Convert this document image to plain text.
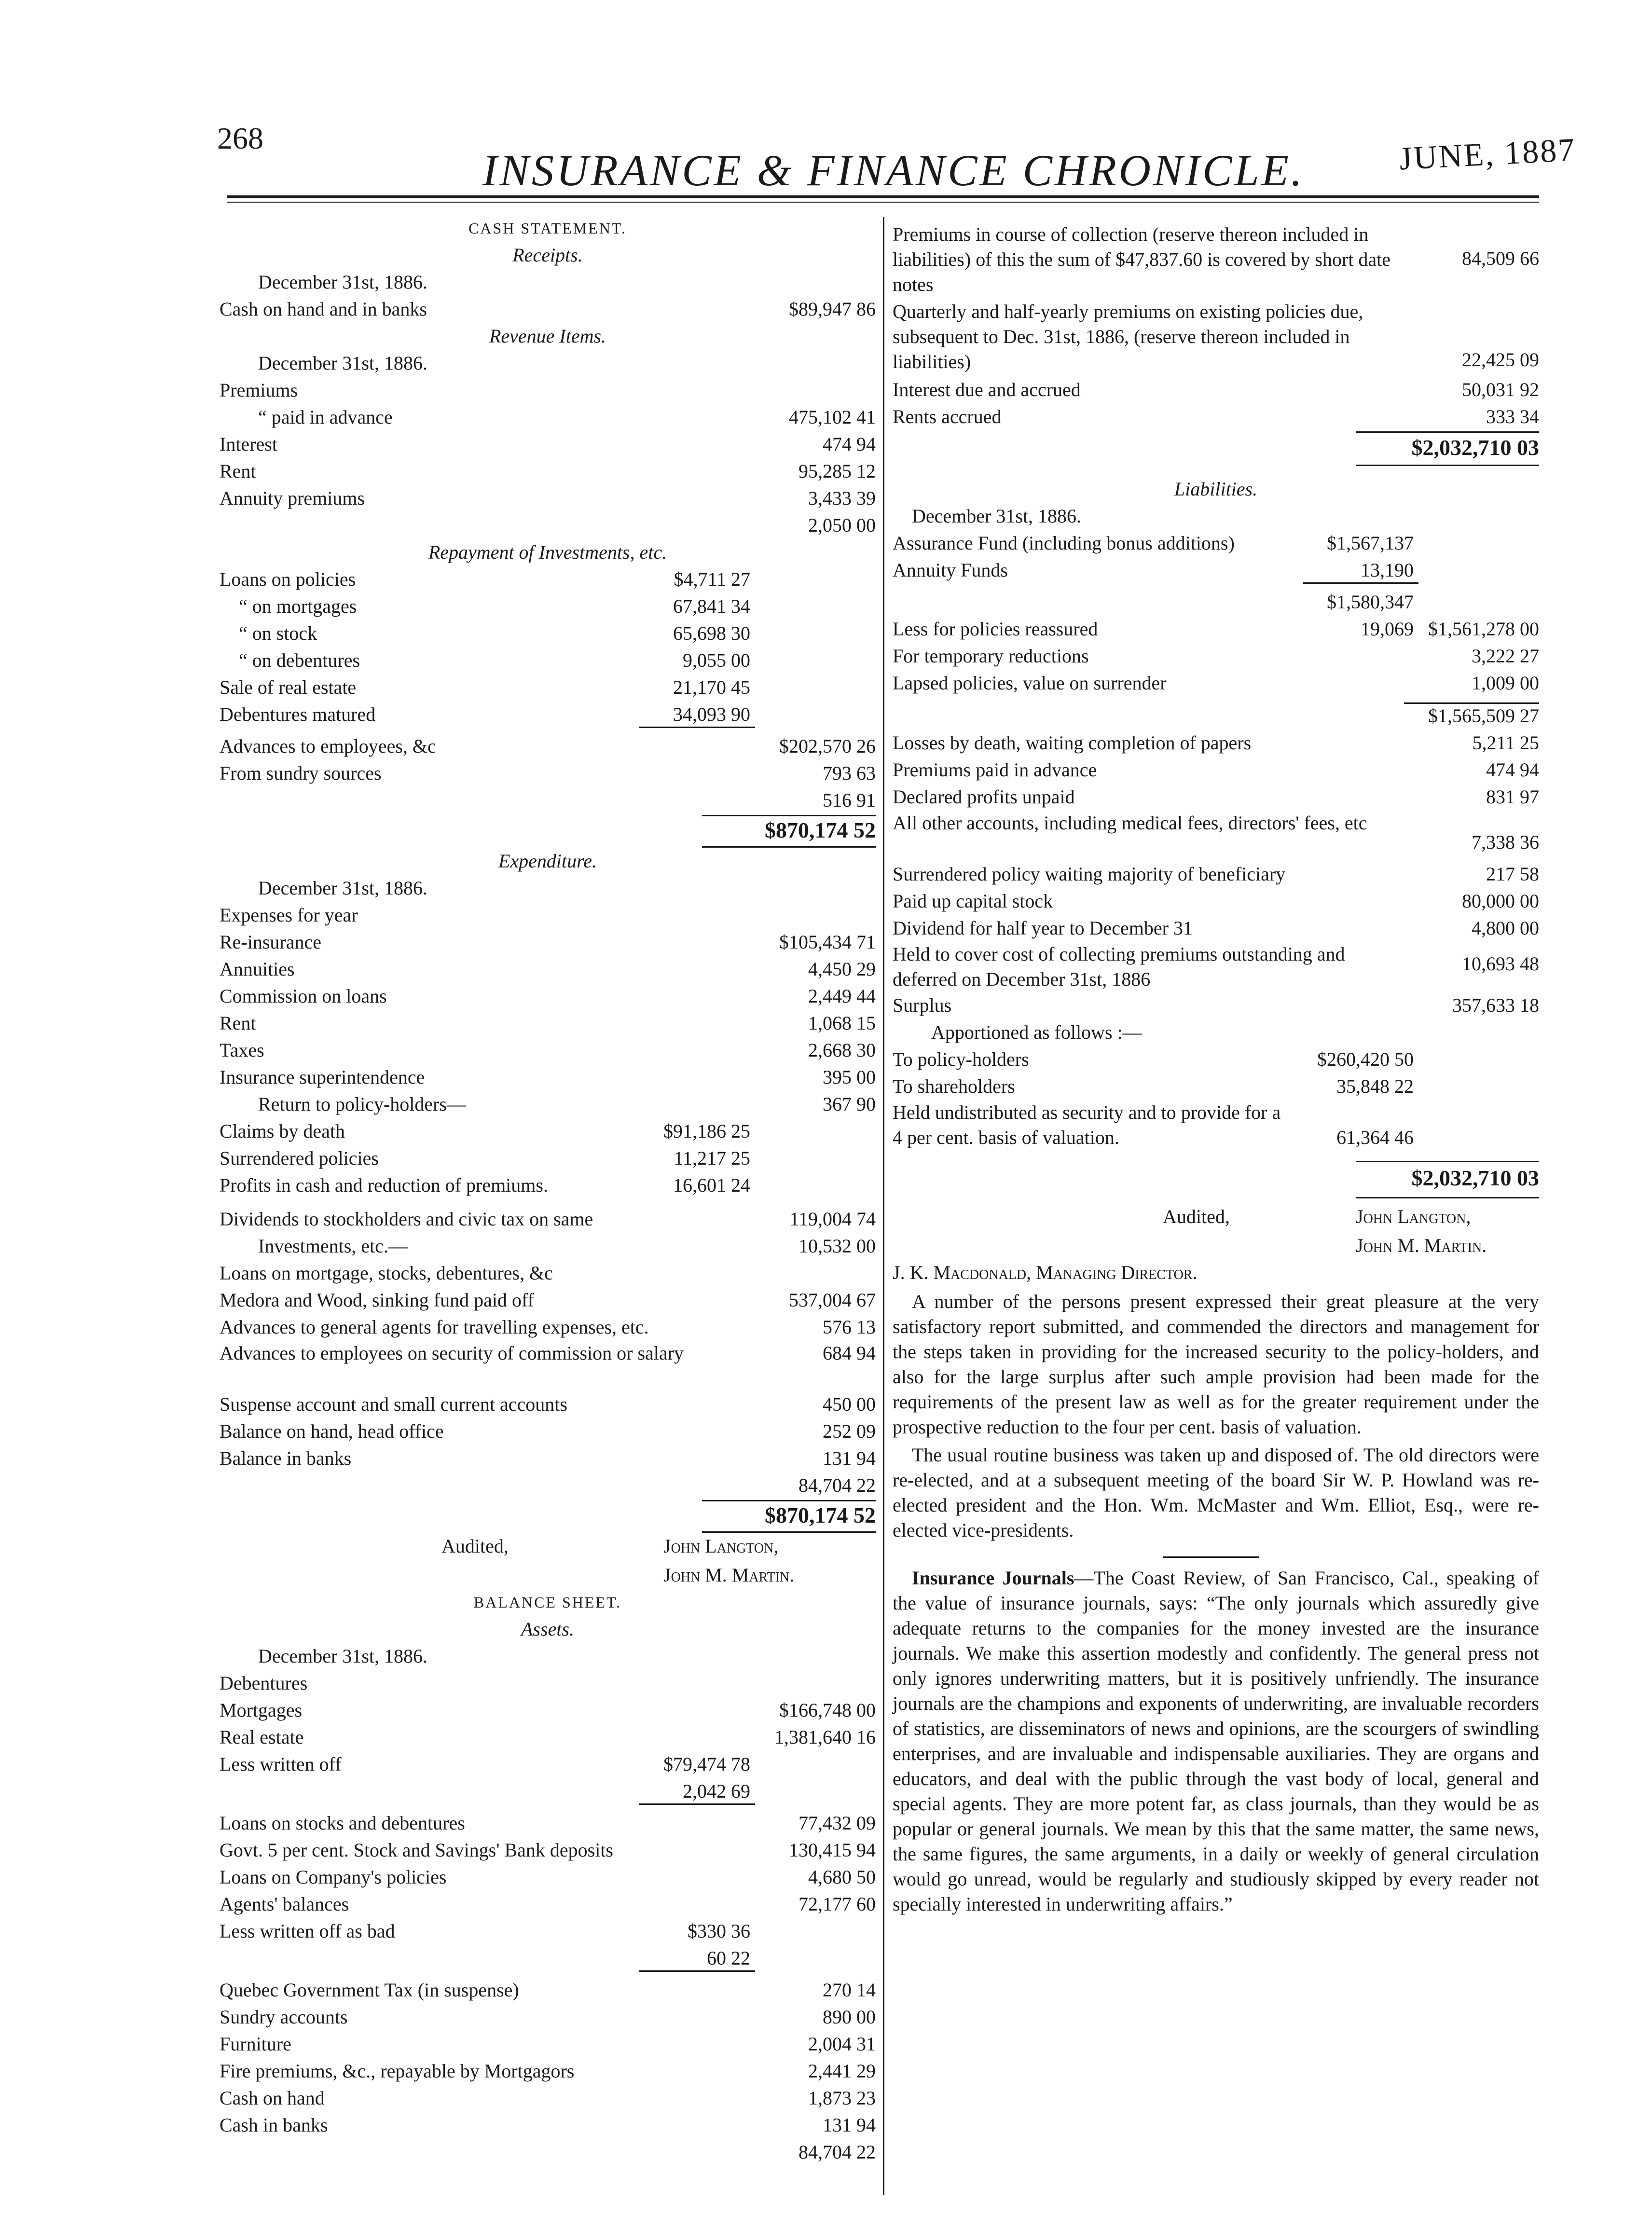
268
INSURANCE & FINANCE CHRONICLE.	JUNE, 1887
CASH STATEMENT.
Receipts.
December 31st, 1886.
Cash on hand and in banks	$89,947 86
Revenue Items.
December 31st, 1886.
Premiums
“ paid in advance	475,102 41
Interest	474 94
Rent	95,285 12
Annuity premiums	3,433 39
2,050 00
Repayment of Investments, etc.
Loans on policies	$4,711 27
“ on mortgages	67,841 34
“ on stock	65,698 30
“ on debentures	9,055 00
Sale of real estate	21,170 45
Debentures matured	34,093 90
Advances to employees, &c	$202,570 26
From sundry sources	793 63
516 91
$870,174 52
Expenditure.
December 31st, 1886.
Expenses for year
Re-insurance	$105,434 71
Annuities	4,450 29
Commission on loans	2,449 44
Rent	1,068 15
Taxes	2,668 30
Insurance superintendence	395 00
Return to policy-holders—	367 90
Claims by death	$91,186 25
Surrendered policies	11,217 25
Profits in cash and reduction of premiums.	16,601 24
Dividends to stockholders and civic tax on same	119,004 74
Investments, etc.—	10,532 00
Loans on mortgage, stocks, debentures, &c
Medora and Wood, sinking fund paid off	537,004 67
Advances to general agents for travelling expenses, etc.	576 13
Advances to employees on security of commission or salary	684 94
Suspense account and small current accounts	450 00
Balance on hand, head office	252 09
Balance in banks	131 94
84,704 22
$870,174 52
Audited,	John Langton,
John M. Martin.
BALANCE SHEET.
Assets.
December 31st, 1886.
Debentures
Mortgages	$166,748 00
Real estate	1,381,640 16
Less written off	$79,474 78
2,042 69
Loans on stocks and debentures	77,432 09
Govt. 5 per cent. Stock and Savings' Bank deposits	130,415 94
Loans on Company's policies	4,680 50
Agents' balances	72,177 60
Less written off as bad	$330 36
60 22
Quebec Government Tax (in suspense)	270 14
Sundry accounts	890 00
Furniture	2,004 31
Fire premiums, &c., repayable by Mortgagors	2,441 29
Cash on hand	1,873 23
Cash in banks	131 94
84,704 22
Premiums in course of collection (reserve thereon included in liabilities) of this the sum of $47,837.60 is covered by short date notes
84,509 66
Quarterly and half-yearly premiums on existing policies due, subsequent to Dec. 31st, 1886, (reserve thereon included in liabilities)	22,425 09
Interest due and accrued	50,031 92
Rents accrued	333 34
$2,032,710 03
Liabilities.
December 31st, 1886.
Assurance Fund (including bonus additions)	$1,567,137
Annuity Funds	13,190
$1,580,347
Less for policies reassured	19,069 $1,561,278 00
For temporary reductions	3,222 27
Lapsed policies, value on surrender	1,009 00
$1,565,509 27
Losses by death, waiting completion of papers	5,211 25
Premiums paid in advance	474 94
Declared profits unpaid	831 97
All other accounts, including medical fees, directors' fees, etc
7,338 36
Surrendered policy waiting majority of beneficiary	217 58
Paid up capital stock	80,000 00
Dividend for half year to December 31	4,800 00
Held to cover cost of collecting premiums outstanding and deferred on December 31st, 1886
10,693 48
Surplus	357,633 18
Apportioned as follows :—
To policy-holders	$260,420 50
To shareholders	35,848 22
Held undistributed as security and to provide for a 4 per cent. basis of valuation.	61,364 46
$2,032,710 03
Audited,	John Langton,
John M. Martin.
J. K. Macdonald, Managing Director.
A number of the persons present expressed their great pleasure at the very satisfactory report submitted, and commended the directors and management for the steps taken in providing for the increased security to the policy-holders, and also for the large surplus after such ample provision had been made for the requirements of the present law as well as for the greater requirement under the prospective reduction to the four per cent. basis of valuation.
The usual routine business was taken up and disposed of. The old directors were re-elected, and at a subsequent meeting of the board Sir W. P. Howland was re-elected president and the Hon. Wm. McMaster and Wm. Elliot, Esq., were re-elected vice-presidents.
Insurance Journals—The Coast Review, of San Francisco, Cal., speaking of the value of insurance journals, says: “The only journals which assuredly give adequate returns to the companies for the money invested are the insurance journals. We make this assertion modestly and confidently. The general press not only ignores underwriting matters, but it is positively unfriendly. The insurance journals are the champions and exponents of underwriting, are invaluable recorders of statistics, are disseminators of news and opinions, are the scourgers of swindling enterprises, and are invaluable and indispensable auxiliaries. They are organs and educators, and deal with the public through the vast body of local, general and special agents. They are more potent far, as class journals, than they would be as popular or general journals. We mean by this that the same matter, the same news, the same figures, the same arguments, in a daily or weekly of general circulation would go unread, would be regularly and studiously skipped by every reader not specially interested in underwriting affairs.”
